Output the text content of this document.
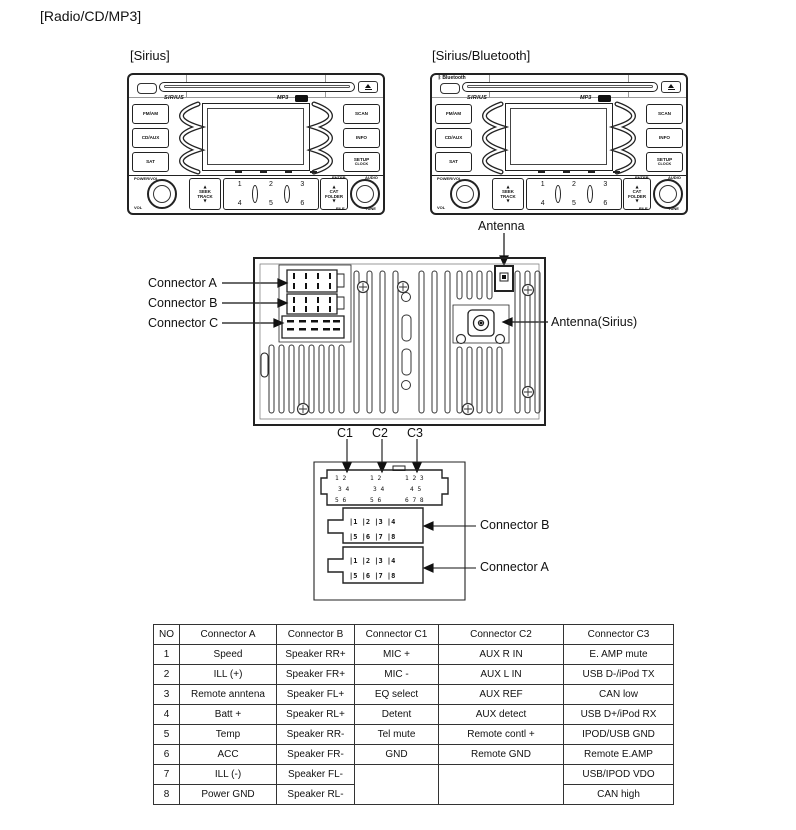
[Radio/CD/MP3]
[Sirius]	[Sirius/Bluetooth]
Antenna
Connector A
Connector B
Connector C	Antenna(Sirius)
C1 C2 C3
Connector B
Connector A
1 2
3 4
5 6
1 2
3 4
5 6
1 2 3
4 5
6 7 8
|1 |2 |3 |4
|5 |6 |7 |8
|1 |2 |3 |4
|5 |6 |7 |8
NO	Connector A	Connector B	Connector C1	Connector C2	Connector C3
1	Speed	Speaker RR+	MIC +	AUX R IN	E. AMP mute
2	ILL (+)	Speaker FR+	MIC -	AUX L IN	USB D-/iPod TX
3	Remote anntena	Speaker FL+	EQ select	AUX REF	CAN low
4	Batt +	Speaker RL+	Detent	AUX detect	USB D+/iPod RX
5	Temp	Speaker RR-	Tel mute	Remote contl +	IPOD/USB GND
6	ACC	Speaker FR-	GND	Remote GND	Remote E.AMP
7	ILL (-)	Speaker FL-			USB/IPOD VDO
8	Power GND	Speaker RL-			CAN high
SIRIUS	MP3
FM/AM
CD/AUX
SAT
SCAN
INFO
SETUP
CLOCK
POWER/VOL
VOL
▲
SEEK
TRACK
▼
1
4
2
5
3
6
▲
CAT
FOLDER
▼
ENTER	AUDIO
FILE	TUNE
ᛒ Bluetooth
SIRIUS	MP3
FM/AM
CD/AUX
SAT
SCAN
INFO
SETUP
CLOCK
POWER/VOL
VOL
▲
SEEK
TRACK
▼
1
4
2
5
3
6
▲
CAT
FOLDER
▼
ENTER	AUDIO
FILE	TUNE
